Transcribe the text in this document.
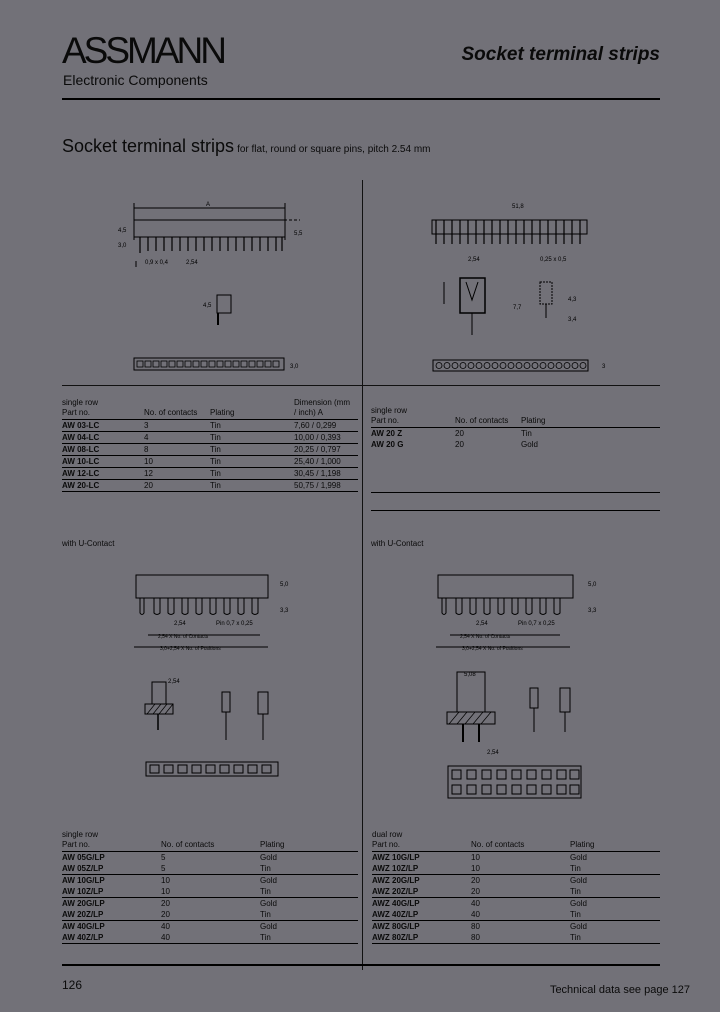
ASSMANN
Electronic Components
Socket terminal strips
Socket terminal strips for flat, round or square pins, pitch 2.54 mm
A
4,5
3,0
5,5
0,9 x 0,4	2,54
4,5
3,0
51,8
2,54	0,25 x 0,5
7,7
4,3
3,4
3
single row
Part no.	No. of contacts	Plating	Dimension (mm / inch) A
AW 03-LC	3	Tin	7,60 / 0,299
AW 04-LC	4	Tin	10,00 / 0,393
AW 08-LC	8	Tin	20,25 / 0,797
AW 10-LC	10	Tin	25,40 / 1,000
AW 12-LC	12	Tin	30,45 / 1,198
AW 20-LC	20	Tin	50,75 / 1,998
single row
Part no.	No. of contacts	Plating
AW 20 Z	20	Tin
AW 20 G	20	Gold
with U-Contact	with U-Contact
5,0
3,3
2,54	Pin 0,7 x 0,25
2,54 X No. of Contacts
3,0+2,54 X No. of Positions
2,54
5,0
3,3
2,54	Pin 0,7 x 0,25
2,54 X No. of Contacts
3,0+2,54 X No. of Positions
5,08
2,54
single row
Part no.	No. of contacts	Plating
AW 05G/LP	5	Gold
AW 05Z/LP	5	Tin
AW 10G/LP	10	Gold
AW 10Z/LP	10	Tin
AW 20G/LP	20	Gold
AW 20Z/LP	20	Tin
AW 40G/LP	40	Gold
AW 40Z/LP	40	Tin
dual row
Part no.	No. of contacts	Plating
AWZ 10G/LP	10	Gold
AWZ 10Z/LP	10	Tin
AWZ 20G/LP	20	Gold
AWZ 20Z/LP	20	Tin
AWZ 40G/LP	40	Gold
AWZ 40Z/LP	40	Tin
AWZ 80G/LP	80	Gold
AWZ 80Z/LP	80	Tin
126	Technical data see page 127
